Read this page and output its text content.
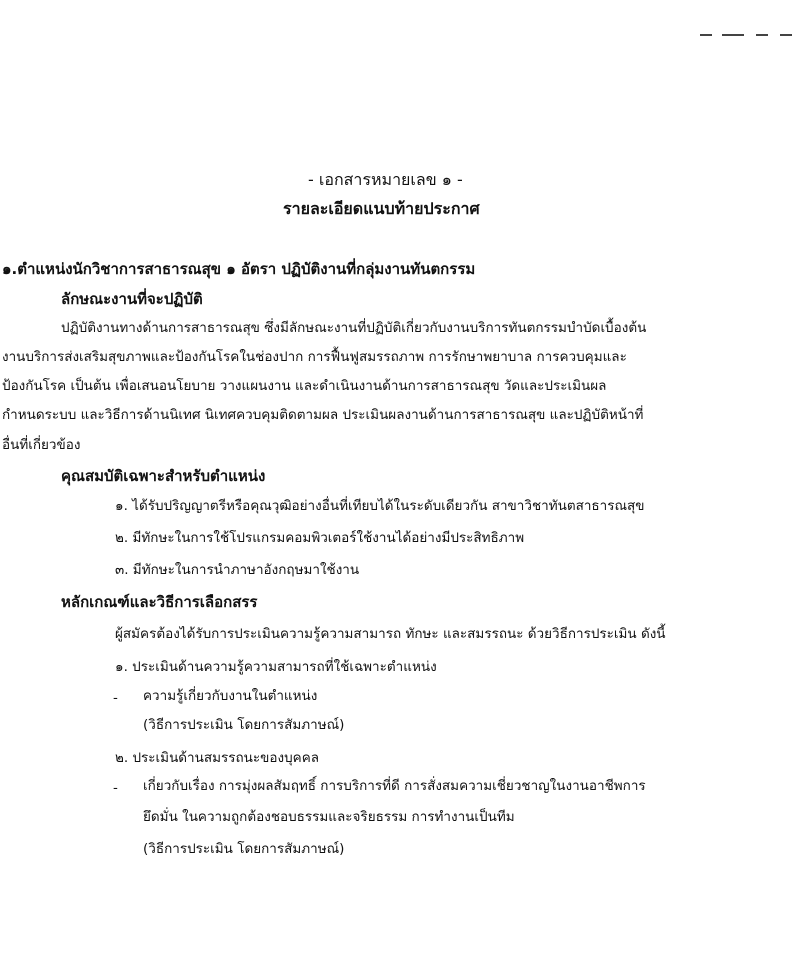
- เอกสารหมายเลข ๑ -
รายละเอียดแนบท้ายประกาศ
๑.ตำแหน่งนักวิชาการสาธารณสุข ๑ อัตรา ปฏิบัติงานที่กลุ่มงานทันตกรรม
ลักษณะงานที่จะปฏิบัติ
ปฏิบัติงานทางด้านการสาธารณสุข ซึ่งมีลักษณะงานที่ปฏิบัติเกี่ยวกับงานบริการทันตกรรมบำบัดเบื้องต้น
งานบริการส่งเสริมสุขภาพและป้องกันโรคในช่องปาก การฟื้นฟูสมรรถภาพ การรักษาพยาบาล การควบคุมและ
ป้องกันโรค เป็นต้น เพื่อเสนอนโยบาย วางแผนงาน และดำเนินงานด้านการสาธารณสุข วัดและประเมินผล
กำหนดระบบ และวิธีการด้านนิเทศ นิเทศควบคุมติดตามผล ประเมินผลงานด้านการสาธารณสุข และปฏิบัติหน้าที่
อื่นที่เกี่ยวข้อง
คุณสมบัติเฉพาะสำหรับตำแหน่ง
๑. ได้รับปริญญาตรีหรือคุณวุฒิอย่างอื่นที่เทียบได้ในระดับเดียวกัน สาขาวิชาทันตสาธารณสุข
๒. มีทักษะในการใช้โปรแกรมคอมพิวเตอร์ใช้งานได้อย่างมีประสิทธิภาพ
๓. มีทักษะในการนำภาษาอังกฤษมาใช้งาน
หลักเกณฑ์และวิธีการเลือกสรร
ผู้สมัครต้องได้รับการประเมินความรู้ความสามารถ ทักษะ และสมรรถนะ ด้วยวิธีการประเมิน ดังนี้
๑. ประเมินด้านความรู้ความสามารถที่ใช้เฉพาะตำแหน่ง
- ความรู้เกี่ยวกับงานในตำแหน่ง
(วิธีการประเมิน โดยการสัมภาษณ์)
๒. ประเมินด้านสมรรถนะของบุคคล
- เกี่ยวกับเรื่อง การมุ่งผลสัมฤทธิ์ การบริการที่ดี การสั่งสมความเชี่ยวชาญในงานอาชีพการ
ยึดมั่น ในความถูกต้องชอบธรรมและจริยธรรม การทำงานเป็นทีม
(วิธีการประเมิน โดยการสัมภาษณ์)
